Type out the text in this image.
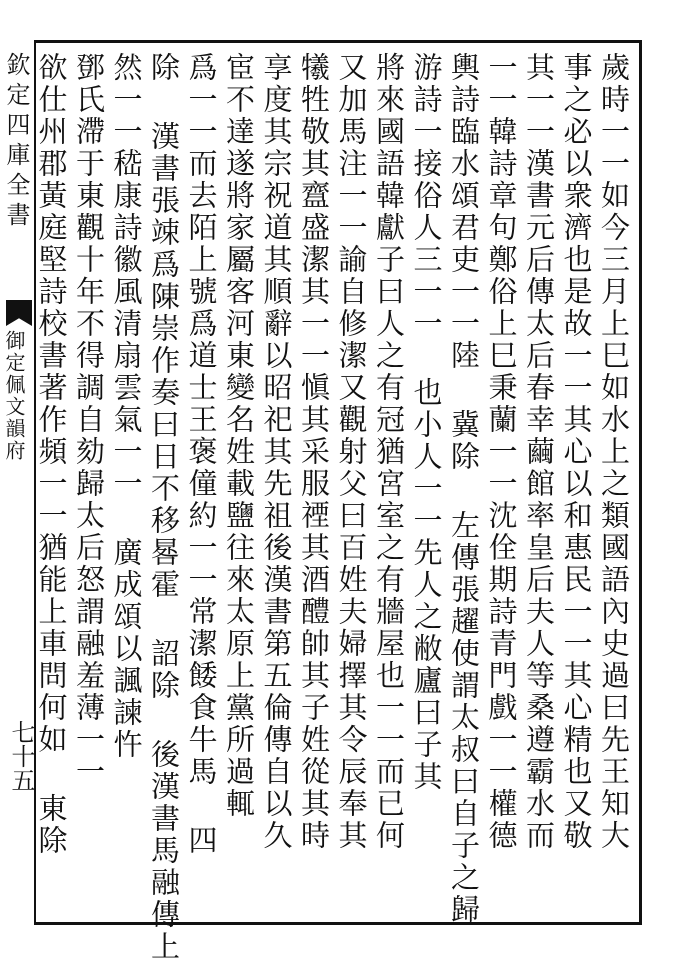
欽定四庫全書
御定佩文韻府
七十五	歲時一一如今三月上巳如水上之類國語內史過曰先王知大
事之必以衆濟也是故一一其心以和惠民一一其心精也又敬
其一一漢書元后傳太后春幸繭館率皇后夫人等桑遵霸水而
一一韓詩章句鄭俗上巳秉蘭一一沈佺期詩青門戲一一權德
輿詩臨水頌君吏一一陸 冀除 左傳張趯使謂太叔曰自子之歸
游詩一接俗人三一一 也小人一一先人之敝廬曰子其
將來國語韓獻子曰人之有冠猶宮室之有牆屋也一一而已何
又加馬注一一諭自修潔又觀射父曰百姓夫婦擇其令辰奉其
犧牲敬其齍盛潔其一一愼其采服禋其酒醴帥其子姓從其時
享度其宗祝道其順辭以昭祀其先祖後漢書第五倫傳自以久
宦不達遂將家屬客河東變名姓載鹽往來太原上黨所過輒
爲一一而去陌上號爲道士王褒僮約一一常潔餧食牛馬 四
除 漢書張竦爲陳崇作奏曰日不移晷霍 詔除 後漢書馬融傳上
然一一嵇康詩徽風清扇雲氣一一 廣成頌以諷諫忤
鄧氏滯于東觀十年不得調自劾歸太后怒謂融羞薄一一
欲仕州郡黃庭堅詩校書著作頻一一猶能上車問何如 東除
